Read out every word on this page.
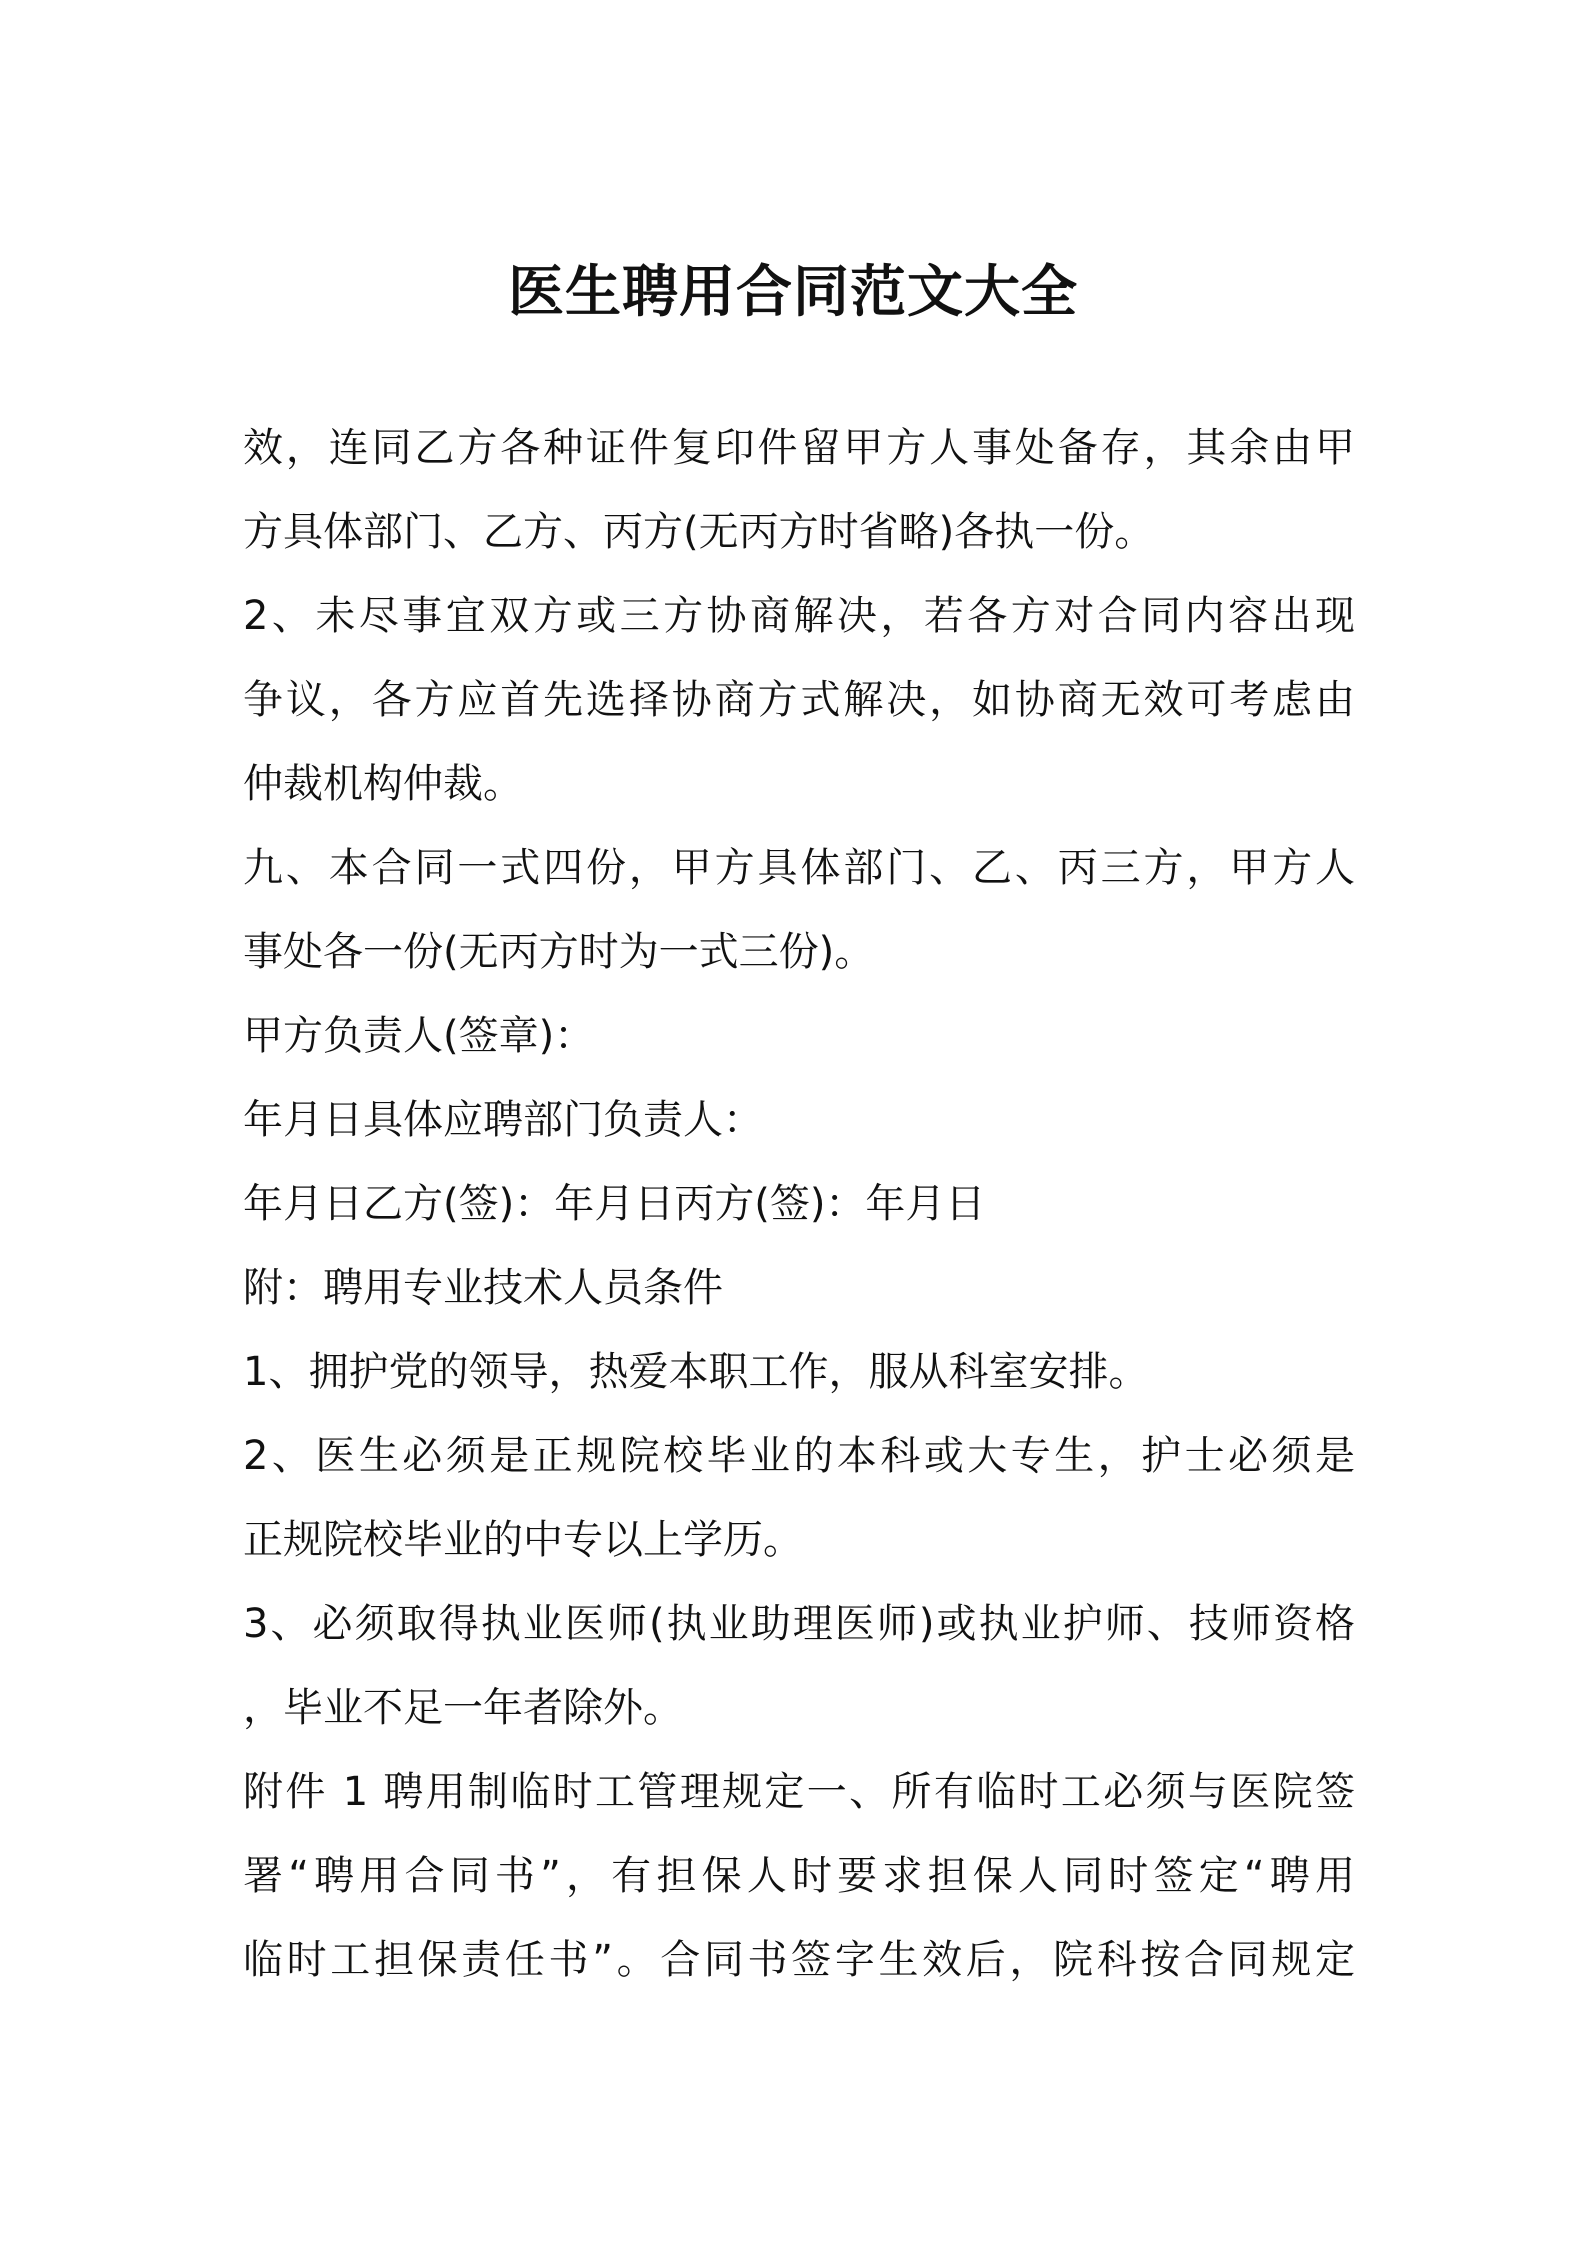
医生聘用合同范文大全
效，连同乙方各种证件复印件留甲方人事处备存，其余由甲
方具体部门、乙方、丙方(无丙方时省略)各执一份。
2、未尽事宜双方或三方协商解决，若各方对合同内容出现
争议，各方应首先选择协商方式解决，如协商无效可考虑由
仲裁机构仲裁。
九、本合同一式四份，甲方具体部门、乙、丙三方，甲方人
事处各一份(无丙方时为一式三份)。
甲方负责人(签章)：
年月日具体应聘部门负责人：
年月日乙方(签)：年月日丙方(签)：年月日
附：聘用专业技术人员条件
1、拥护党的领导，热爱本职工作，服从科室安排。
2、医生必须是正规院校毕业的本科或大专生，护士必须是
正规院校毕业的中专以上学历。
3、必须取得执业医师(执业助理医师)或执业护师、技师资格
，毕业不足一年者除外。
附件 1 聘用制临时工管理规定一、所有临时工必须与医院签
署“聘用合同书”，有担保人时要求担保人同时签定“聘用
临时工担保责任书”。合同书签字生效后，院科按合同规定
